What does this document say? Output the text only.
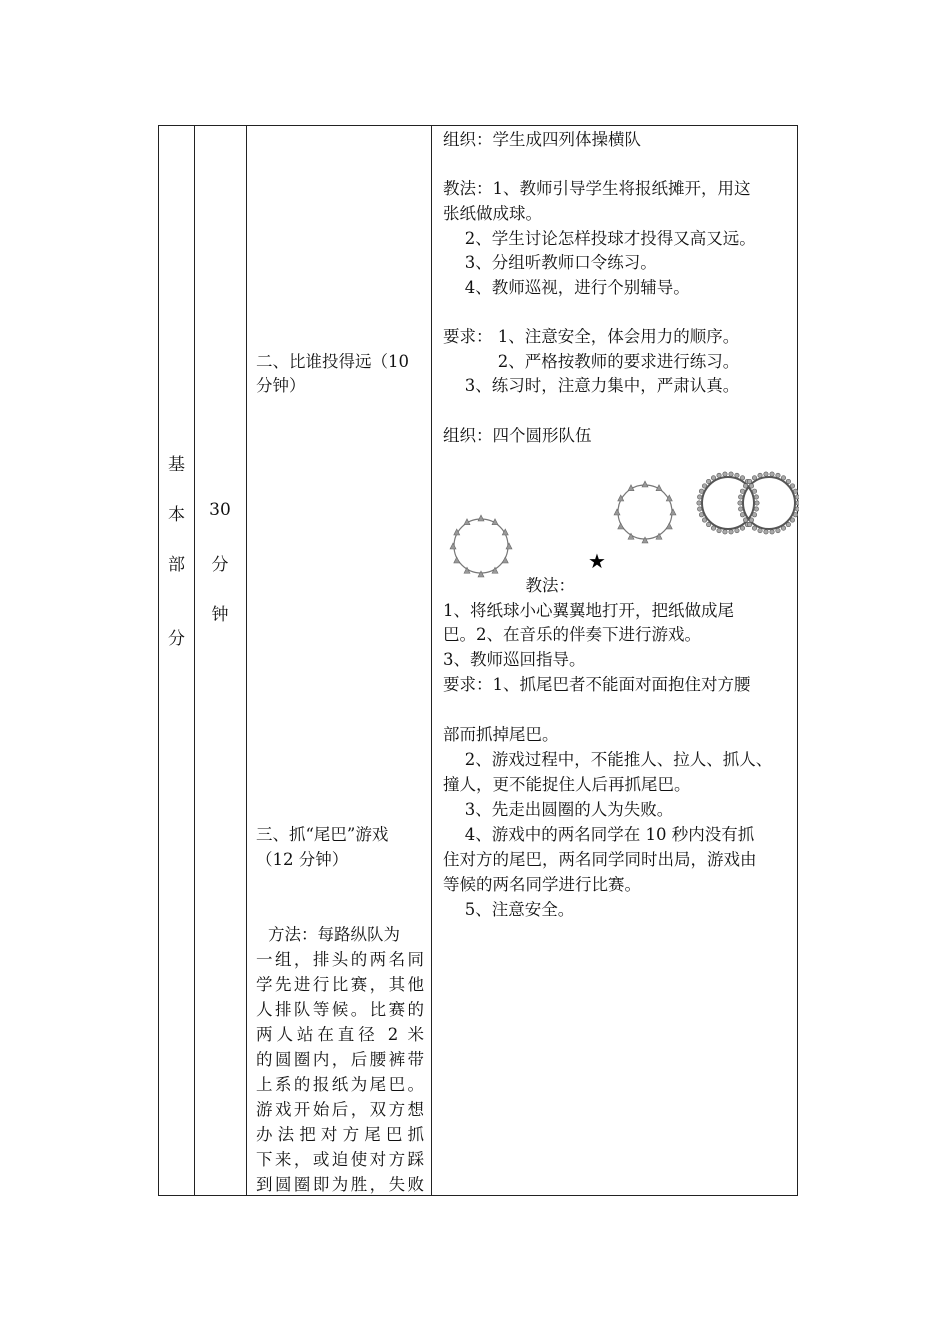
基
本
部
分
30
分
钟
二、比谁投得远（10
分钟）
三、抓“尾巴”游戏
（12 分钟）
方法：每路纵队为
一组，排头的两名同
学先进行比赛，其他
人排队等候。比赛的
两人站在直径 2 米
的圆圈内，后腰裤带
上系的报纸为尾巴。
游戏开始后，双方想
办法把对方尾巴抓
下来，或迫使对方踩
到圆圈即为胜，失败
组织：学生成四列体操横队
教法：1、教师引导学生将报纸摊开，用这
张纸做成球。
　 2、学生讨论怎样投球才投得又高又远。
　 3、分组听教师口令练习。
　 4、教师巡视，进行个别辅导。
要求： 1、注意安全，体会用力的顺序。
　　　 2、严格按教师的要求进行练习。
　 3、练习时，注意力集中，严肃认真。
组织：四个圆形队伍
★
　　　　　教法：
1、将纸球小心翼翼地打开，把纸做成尾
巴。2、在音乐的伴奏下进行游戏。
3、教师巡回指导。
要求：1、抓尾巴者不能面对面抱住对方腰
部而抓掉尾巴。
　 2、游戏过程中，不能推人、拉人、抓人、
撞人，更不能捉住人后再抓尾巴。
　 3、先走出圆圈的人为失败。
　 4、游戏中的两名同学在 10 秒内没有抓
住对方的尾巴，两名同学同时出局，游戏由
等候的两名同学进行比赛。
　 5、注意安全。
